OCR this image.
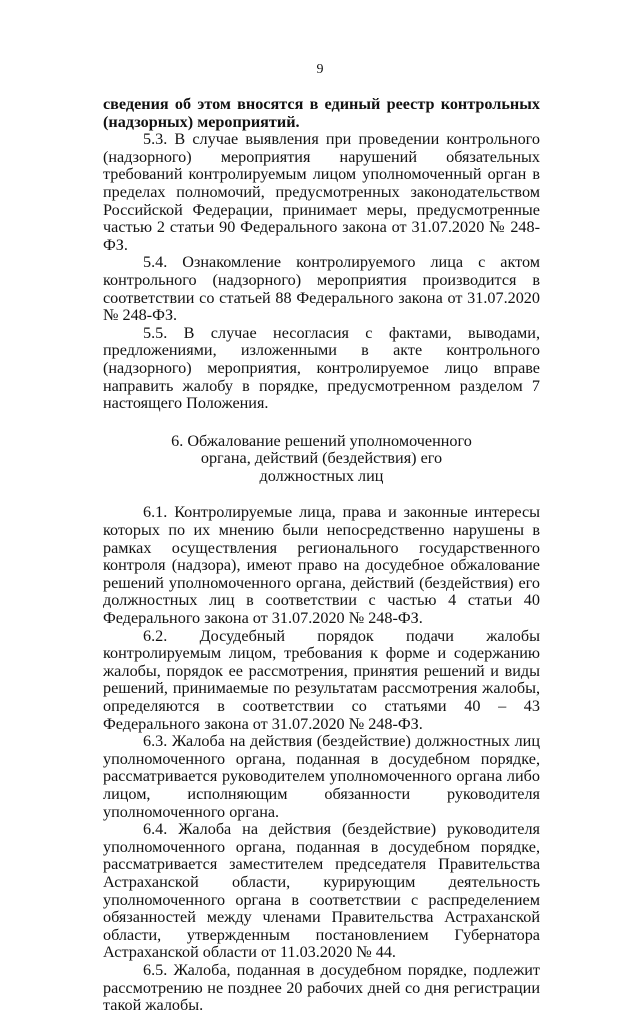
9

сведения об этом вносятся в единый реестр контрольных (надзорных) мероприятий.

5.3. В случае выявления при проведении контрольного (надзорного) мероприятия нарушений обязательных требований контролируемым лицом уполномоченный орган в пределах полномочий, предусмотренных законодательством Российской Федерации, принимает меры, предусмотренные частью 2 статьи 90 Федерального закона от 31.07.2020 № 248-ФЗ.

5.4. Ознакомление контролируемого лица с актом контрольного (надзорного) мероприятия производится в соответствии со статьей 88 Федерального закона от 31.07.2020 № 248-ФЗ.

5.5. В случае несогласия с фактами, выводами, предложениями, изложенными в акте контрольного (надзорного) мероприятия, контролируемое лицо вправе направить жалобу в порядке, предусмотренном разделом 7 настоящего Положения.

6. Обжалование решений уполномоченного органа, действий (бездействия) его должностных лиц

6.1. Контролируемые лица, права и законные интересы которых по их мнению были непосредственно нарушены в рамках осуществления регионального государственного контроля (надзора), имеют право на досудебное обжалование решений уполномоченного органа, действий (бездействия) его должностных лиц в соответствии с частью 4 статьи 40 Федерального закона от 31.07.2020 № 248-ФЗ.

6.2. Досудебный порядок подачи жалобы контролируемым лицом, требования к форме и содержанию жалобы, порядок ее рассмотрения, принятия решений и виды решений, принимаемые по результатам рассмотрения жалобы, определяются в соответствии со статьями 40 – 43 Федерального закона от 31.07.2020 № 248-ФЗ.

6.3. Жалоба на действия (бездействие) должностных лиц уполномоченного органа, поданная в досудебном порядке, рассматривается руководителем уполномоченного органа либо лицом, исполняющим обязанности руководителя уполномоченного органа.

6.4. Жалоба на действия (бездействие) руководителя уполномоченного органа, поданная в досудебном порядке, рассматривается заместителем председателя Правительства Астраханской области, курирующим деятельность уполномоченного органа в соответствии с распределением обязанностей между членами Правительства Астраханской области, утвержденным постановлением Губернатора Астраханской области от 11.03.2020 № 44.

6.5. Жалоба, поданная в досудебном порядке, подлежит рассмотрению не позднее 20 рабочих дней со дня регистрации такой жалобы.
